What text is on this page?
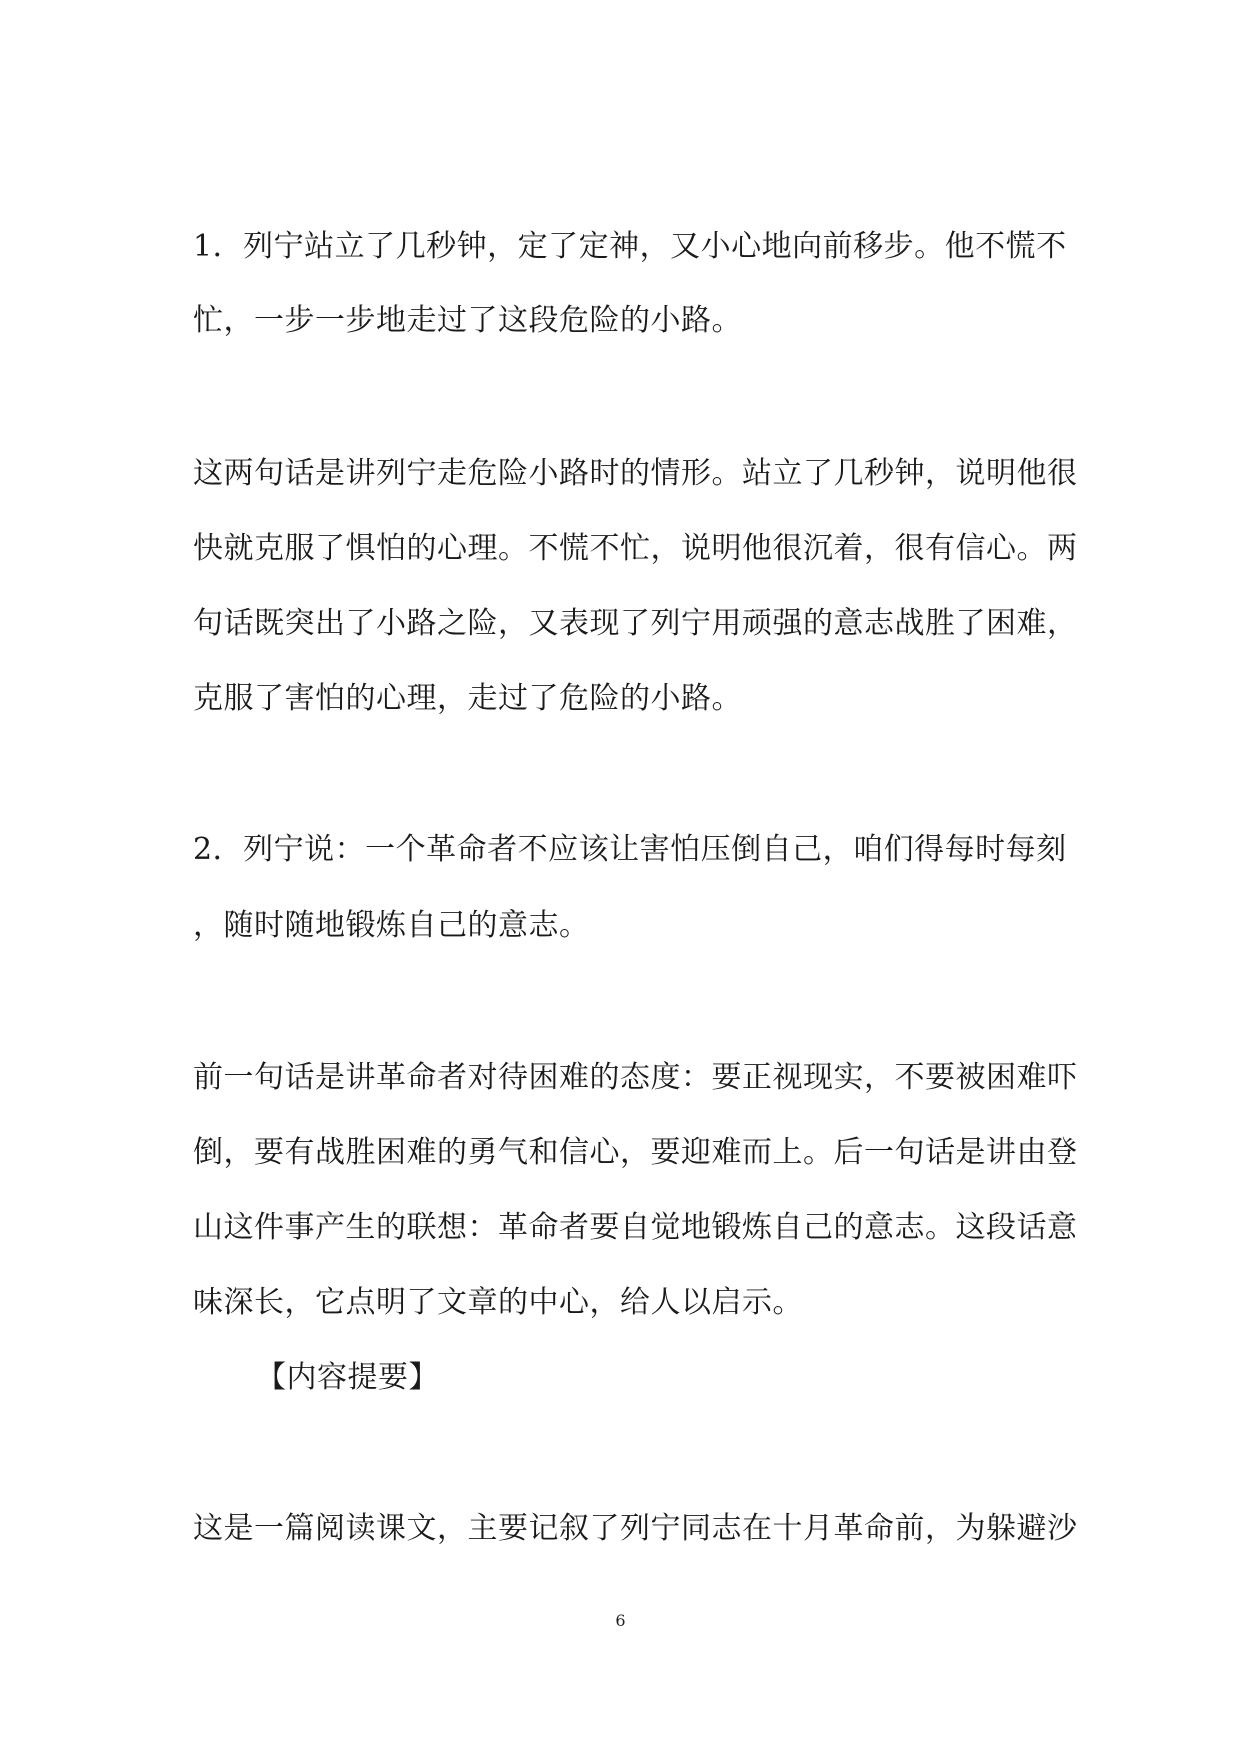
1．列宁站立了几秒钟，定了定神，又小心地向前移步。他不慌不
忙，一步一步地走过了这段危险的小路。
这两句话是讲列宁走危险小路时的情形。站立了几秒钟，说明他很
快就克服了惧怕的心理。不慌不忙，说明他很沉着，很有信心。两
句话既突出了小路之险，又表现了列宁用顽强的意志战胜了困难，
克服了害怕的心理，走过了危险的小路。
2．列宁说：一个革命者不应该让害怕压倒自己，咱们得每时每刻
，随时随地锻炼自己的意志。
前一句话是讲革命者对待困难的态度：要正视现实，不要被困难吓
倒，要有战胜困难的勇气和信心，要迎难而上。后一句话是讲由登
山这件事产生的联想：革命者要自觉地锻炼自己的意志。这段话意
味深长，它点明了文章的中心，给人以启示。
【内容提要】
这是一篇阅读课文，主要记叙了列宁同志在十月革命前，为躲避沙
6
